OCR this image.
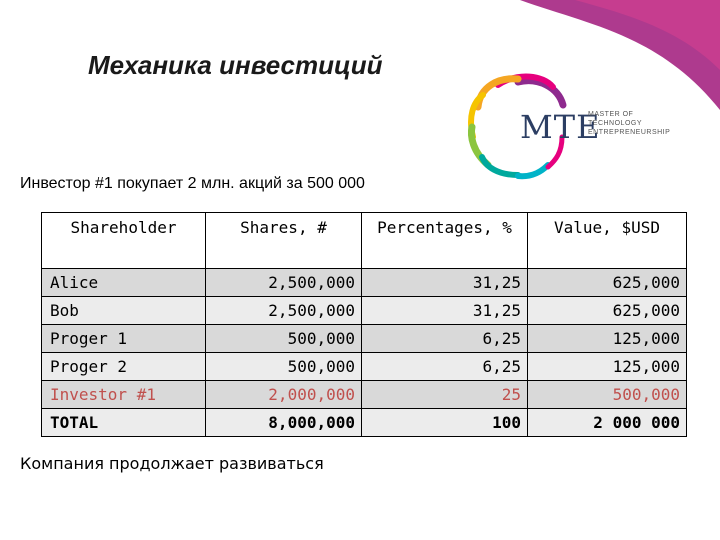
Механика инвестиций
MTE
MASTER OF TECHNOLOGY ENTREPRENEURSHIP
Инвестор #1 покупает 2 млн. акций за 500 000
Shareholder	Shares, #	Percentages, %	Value, $USD
Alice	2,500,000	31,25	625,000
Bob	2,500,000	31,25	625,000
Proger 1	500,000	6,25	125,000
Proger 2	500,000	6,25	125,000
Investor #1	2,000,000	25	500,000
TOTAL	8,000,000	100	2 000 000
Компания продолжает развиваться
